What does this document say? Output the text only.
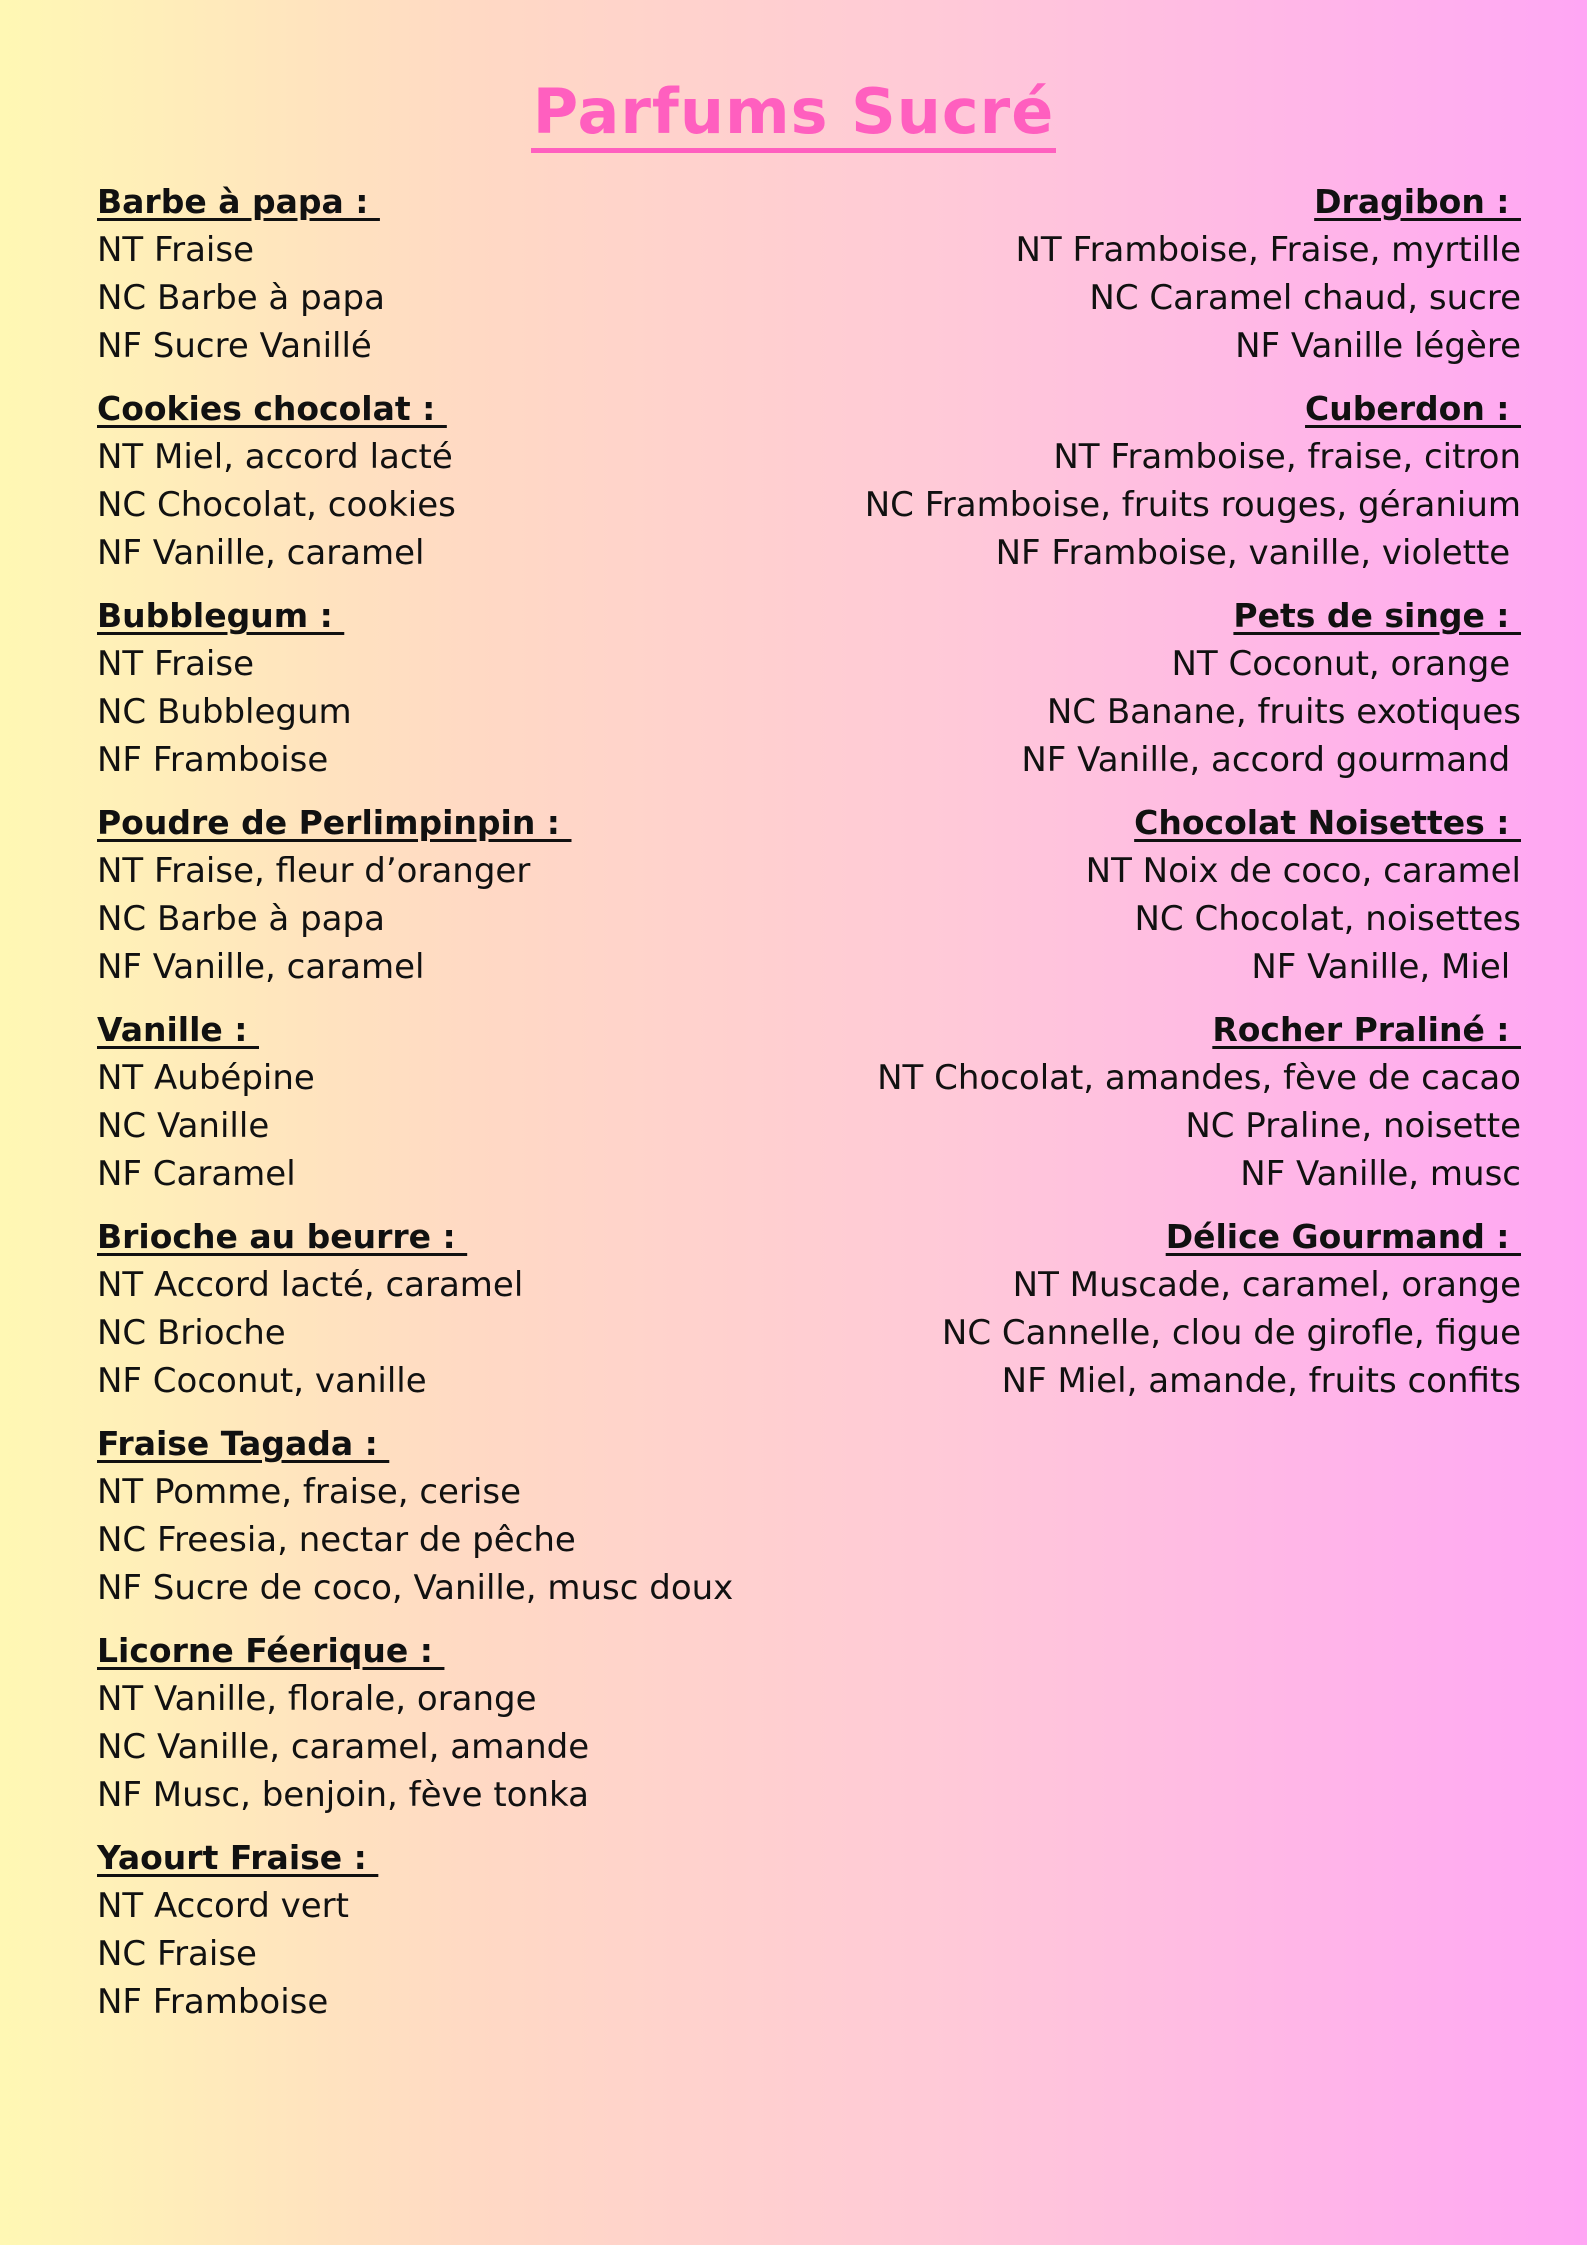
Parfums Sucré
Barbe à papa :
NT Fraise
NC Barbe à papa
NF Sucre Vanillé
Cookies chocolat :
NT Miel, accord lacté
NC Chocolat, cookies
NF Vanille, caramel
Bubblegum :
NT Fraise
NC Bubblegum
NF Framboise
Poudre de Perlimpinpin :
NT Fraise, fleur d’oranger
NC Barbe à papa
NF Vanille, caramel
Vanille :
NT Aubépine
NC Vanille
NF Caramel
Brioche au beurre :
NT Accord lacté, caramel
NC Brioche
NF Coconut, vanille
Fraise Tagada :
NT Pomme, fraise, cerise
NC Freesia, nectar de pêche
NF Sucre de coco, Vanille, musc doux
Licorne Féerique :
NT Vanille, florale, orange
NC Vanille, caramel, amande
NF Musc, benjoin, fève tonka
Yaourt Fraise :
NT Accord vert
NC Fraise
NF Framboise
Dragibon :
NT Framboise, Fraise, myrtille
NC Caramel chaud, sucre
NF Vanille légère
Cuberdon :
NT Framboise, fraise, citron
NC Framboise, fruits rouges, géranium
NF Framboise, vanille, violette
Pets de singe :
NT Coconut, orange
NC Banane, fruits exotiques
NF Vanille, accord gourmand
Chocolat Noisettes :
NT Noix de coco, caramel
NC Chocolat, noisettes
NF Vanille, Miel
Rocher Praliné :
NT Chocolat, amandes, fève de cacao
NC Praline, noisette
NF Vanille, musc
Délice Gourmand :
NT Muscade, caramel, orange
NC Cannelle, clou de girofle, figue
NF Miel, amande, fruits confits
